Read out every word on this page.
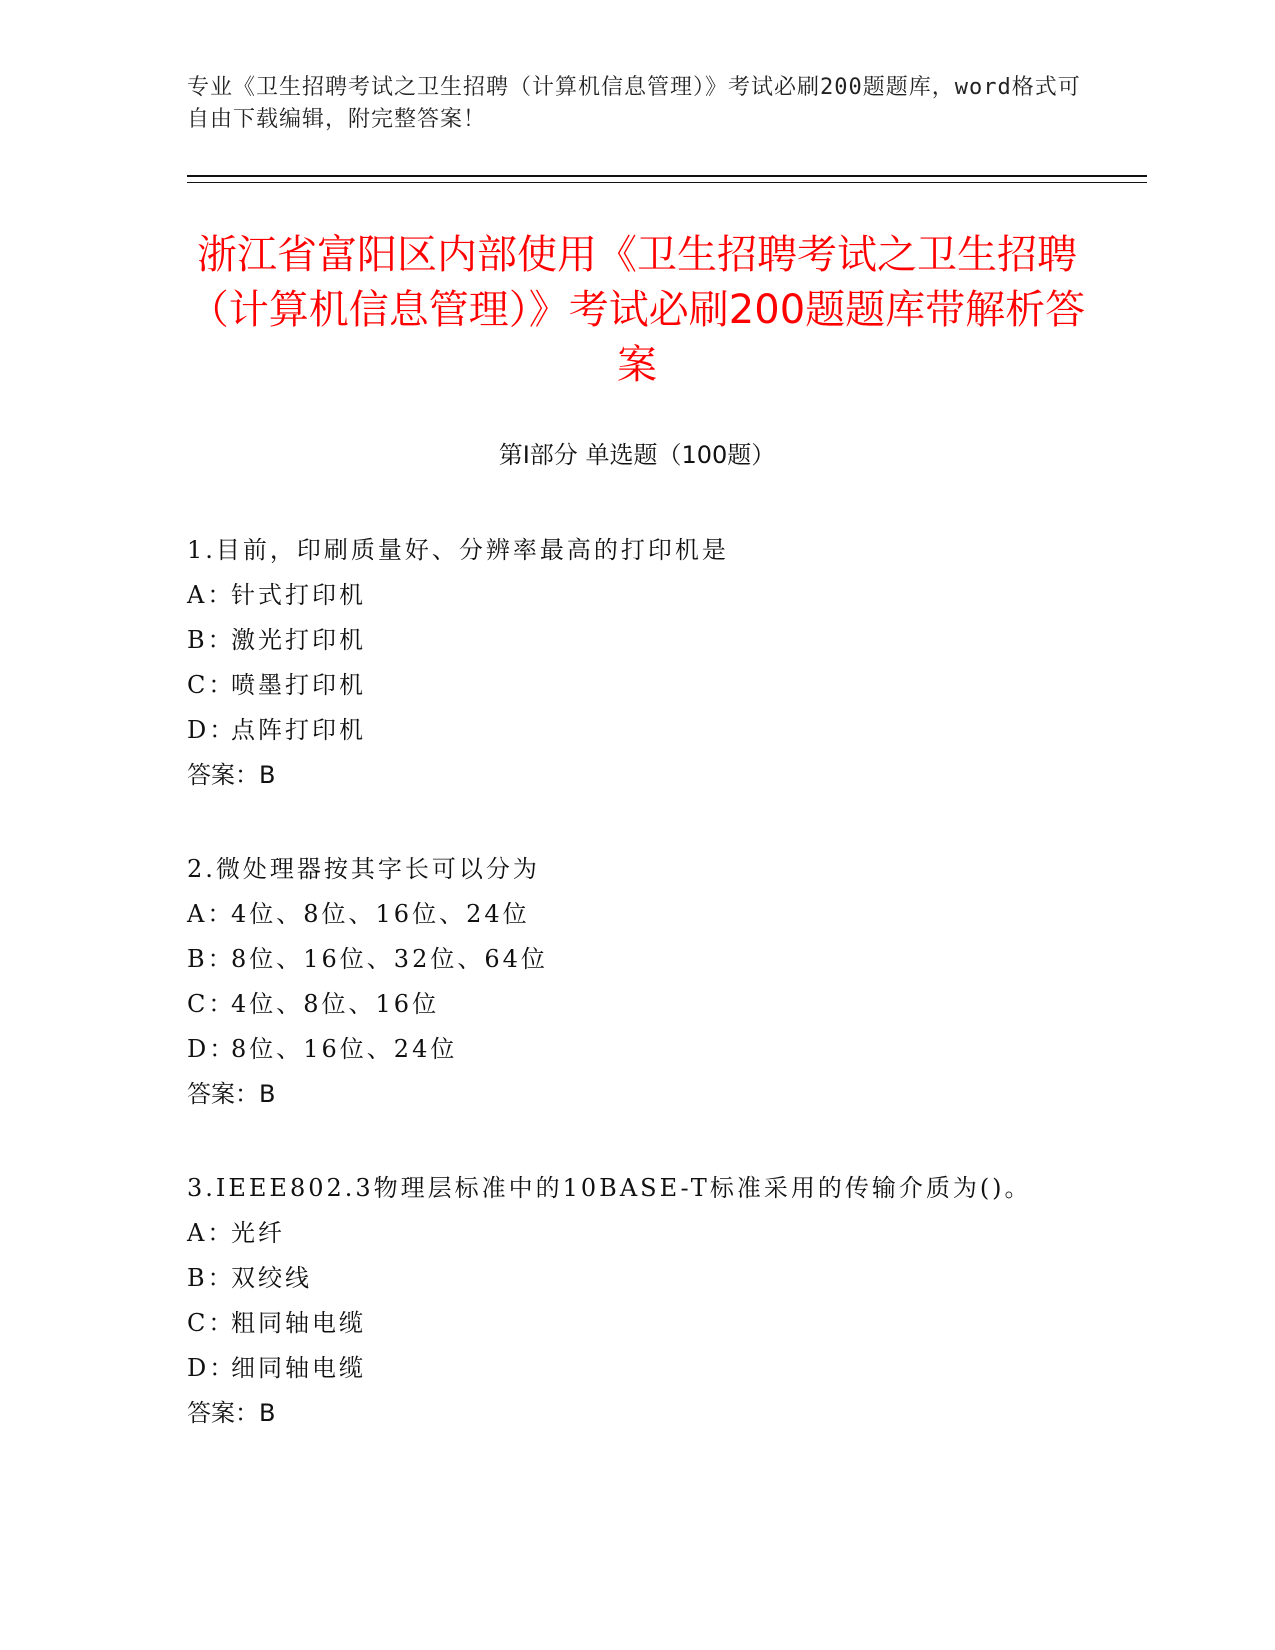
专业《卫生招聘考试之卫生招聘（计算机信息管理）》考试必刷200题题库，word格式可自由下载编辑，附完整答案！
浙江省富阳区内部使用《卫生招聘考试之卫生招聘（计算机信息管理）》考试必刷200题题库带解析答案
第Ⅰ部分 单选题（100题）
1.目前，印刷质量好、分辨率最高的打印机是
A：针式打印机
B：激光打印机
C：喷墨打印机
D：点阵打印机
答案：B
2.微处理器按其字长可以分为
A：4位、8位、16位、24位
B：8位、16位、32位、64位
C：4位、8位、16位
D：8位、16位、24位
答案：B
3.IEEE802.3物理层标准中的10BASE-T标准采用的传输介质为()。
A：光纤
B：双绞线
C：粗同轴电缆
D：细同轴电缆
答案：B
